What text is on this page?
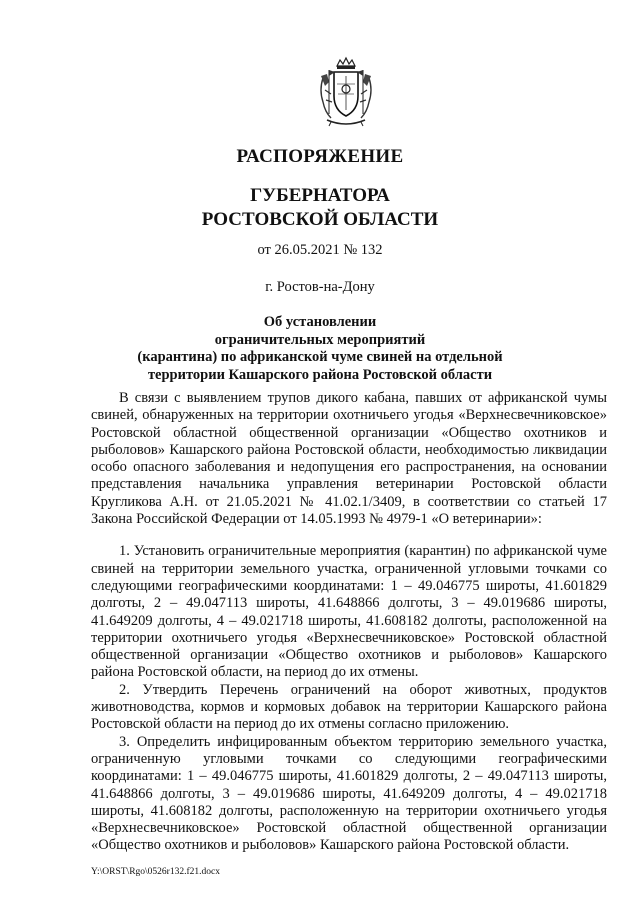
РАСПОРЯЖЕНИЕ
ГУБЕРНАТОРА
РОСТОВСКОЙ ОБЛАСТИ
от 26.05.2021 № 132
г. Ростов-на-Дону
Об установлении
ограничительных мероприятий
(карантина) по африканской чуме свиней на отдельной
территории Кашарского района Ростовской области

В связи с выявлением трупов дикого кабана, павших от африканской чумы свиней, обнаруженных на территории охотничьего угодья «Верхнесвечниковское» Ростовской областной общественной организации «Общество охотников и рыболовов» Кашарского района Ростовской области, необходимостью ликвидации особо опасного заболевания и недопущения его распространения, на основании представления начальника управления ветеринарии Ростовской области Кругликова А.Н. от 21.05.2021 № 41.02.1/3409, в соответствии со статьей 17 Закона Российской Федерации от 14.05.1993 № 4979-1 «О ветеринарии»:

1. Установить ограничительные мероприятия (карантин) по африканской чуме свиней на территории земельного участка, ограниченной угловыми точками со следующими географическими координатами: 1 – 49.046775 широты, 41.601829 долготы, 2 – 49.047113 широты, 41.648866 долготы, 3 – 49.019686 широты, 41.649209 долготы, 4 – 49.021718 широты, 41.608182 долготы, расположенной на территории охотничьего угодья «Верхнесвечниковское» Ростовской областной общественной организации «Общество охотников и рыболовов» Кашарского района Ростовской области, на период до их отмены.

2. Утвердить Перечень ограничений на оборот животных, продуктов животноводства, кормов и кормовых добавок на территории Кашарского района Ростовской области на период до их отмены согласно приложению.

3. Определить инфицированным объектом территорию земельного участка, ограниченную угловыми точками со следующими географическими координатами: 1 – 49.046775 широты, 41.601829 долготы, 2 – 49.047113 широты, 41.648866 долготы, 3 – 49.019686 широты, 41.649209 долготы, 4 – 49.021718 широты, 41.608182 долготы, расположенную на территории охотничьего угодья «Верхнесвечниковское» Ростовской областной общественной организации «Общество охотников и рыболовов» Кашарского района Ростовской области.

Y:\ORST\Rgo\0526r132.f21.docx
